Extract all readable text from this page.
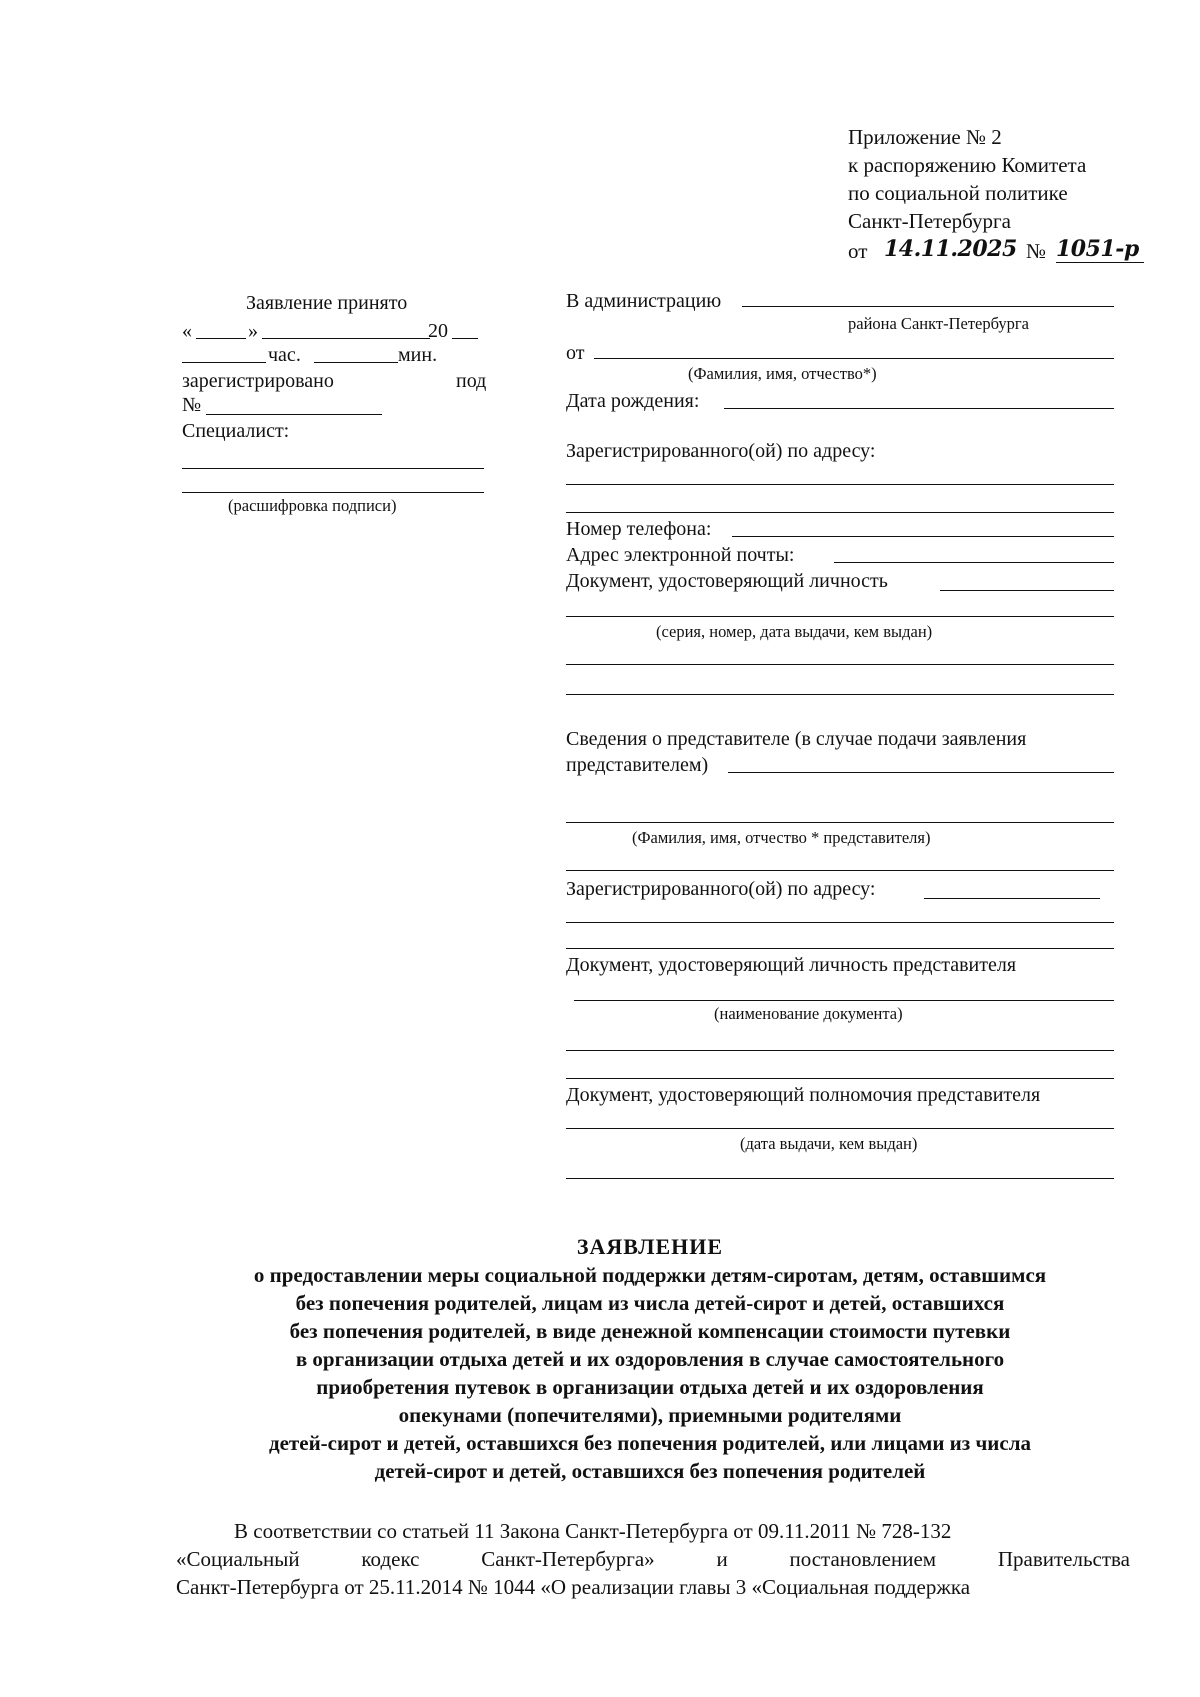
Приложение № 2
к распоряжению Комитета
по социальной политике
Санкт-Петербурга
от 14.11.2025 № 1051-р
Заявление принято
«	»	20
час.	мин.
зарегистрировано	под
№
Специалист:
(расшифровка подписи)
В администрацию
района Санкт-Петербурга
от
(Фамилия, имя, отчество*)
Дата рождения:
Зарегистрированного(ой) по адресу:
Номер телефона:
Адрес электронной почты:
Документ, удостоверяющий личность
(серия, номер, дата выдачи, кем выдан)
Сведения о представителе (в случае подачи заявления
представителем)
(Фамилия, имя, отчество * представителя)
Зарегистрированного(ой) по адресу:
Документ, удостоверяющий личность представителя
(наименование документа)
Документ, удостоверяющий полномочия представителя
(дата выдачи, кем выдан)
ЗАЯВЛЕНИЕ
о предоставлении меры социальной поддержки детям-сиротам, детям, оставшимся
без попечения родителей, лицам из числа детей-сирот и детей, оставшихся
без попечения родителей, в виде денежной компенсации стоимости путевки
в организации отдыха детей и их оздоровления в случае самостоятельного
приобретения путевок в организации отдыха детей и их оздоровления
опекунами (попечителями), приемными родителями
детей-сирот и детей, оставшихся без попечения родителей, или лицами из числа
детей-сирот и детей, оставшихся без попечения родителей
В соответствии со статьей 11 Закона Санкт-Петербурга от 09.11.2011 № 728-132
«Социальный	кодекс	Санкт-Петербурга»	и	постановлением	Правительства
Санкт-Петербурга от 25.11.2014 № 1044 «О реализации главы 3 «Социальная поддержка
